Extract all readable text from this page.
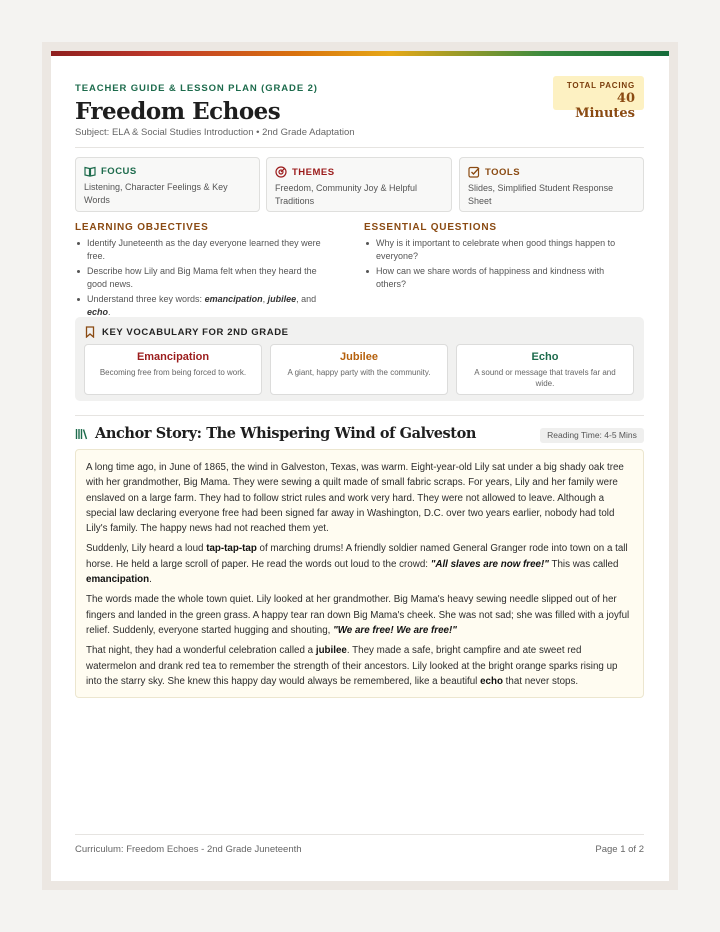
TEACHER GUIDE & LESSON PLAN (GRADE 2)
Freedom Echoes
Subject: ELA & Social Studies Introduction • 2nd Grade Adaptation
TOTAL PACING
40 Minutes
FOCUS
Listening, Character Feelings & Key Words
THEMES
Freedom, Community Joy & Helpful Traditions
TOOLS
Slides, Simplified Student Response Sheet
LEARNING OBJECTIVES
Identify Juneteenth as the day everyone learned they were free.
Describe how Lily and Big Mama felt when they heard the good news.
Understand three key words: emancipation, jubilee, and echo.
ESSENTIAL QUESTIONS
Why is it important to celebrate when good things happen to everyone?
How can we share words of happiness and kindness with others?
KEY VOCABULARY FOR 2ND GRADE
Emancipation
Becoming free from being forced to work.
Jubilee
A giant, happy party with the community.
Echo
A sound or message that travels far and wide.
Anchor Story: The Whispering Wind of Galveston	Reading Time: 4-5 Mins

A long time ago, in June of 1865, the wind in Galveston, Texas, was warm. Eight-year-old Lily sat under a big shady oak tree with her grandmother, Big Mama. They were sewing a quilt made of small fabric scraps. For years, Lily and her family were enslaved on a large farm. They had to follow strict rules and work very hard. They were not allowed to leave. Although a special law declaring everyone free had been signed far away in Washington, D.C. over two years earlier, nobody had told Lily's family. The happy news had not reached them yet.

Suddenly, Lily heard a loud tap-tap-tap of marching drums! A friendly soldier named General Granger rode into town on a tall horse. He held a large scroll of paper. He read the words out loud to the crowd: "All slaves are now free!" This was called emancipation.

The words made the whole town quiet. Lily looked at her grandmother. Big Mama's heavy sewing needle slipped out of her fingers and landed in the green grass. A happy tear ran down Big Mama's cheek. She was not sad; she was filled with a joyful relief. Suddenly, everyone started hugging and shouting, "We are free! We are free!"

That night, they had a wonderful celebration called a jubilee. They made a safe, bright campfire and ate sweet red watermelon and drank red tea to remember the strength of their ancestors. Lily looked at the bright orange sparks rising up into the starry sky. She knew this happy day would always be remembered, like a beautiful echo that never stops.

Curriculum: Freedom Echoes - 2nd Grade Juneteenth	Page 1 of 2
